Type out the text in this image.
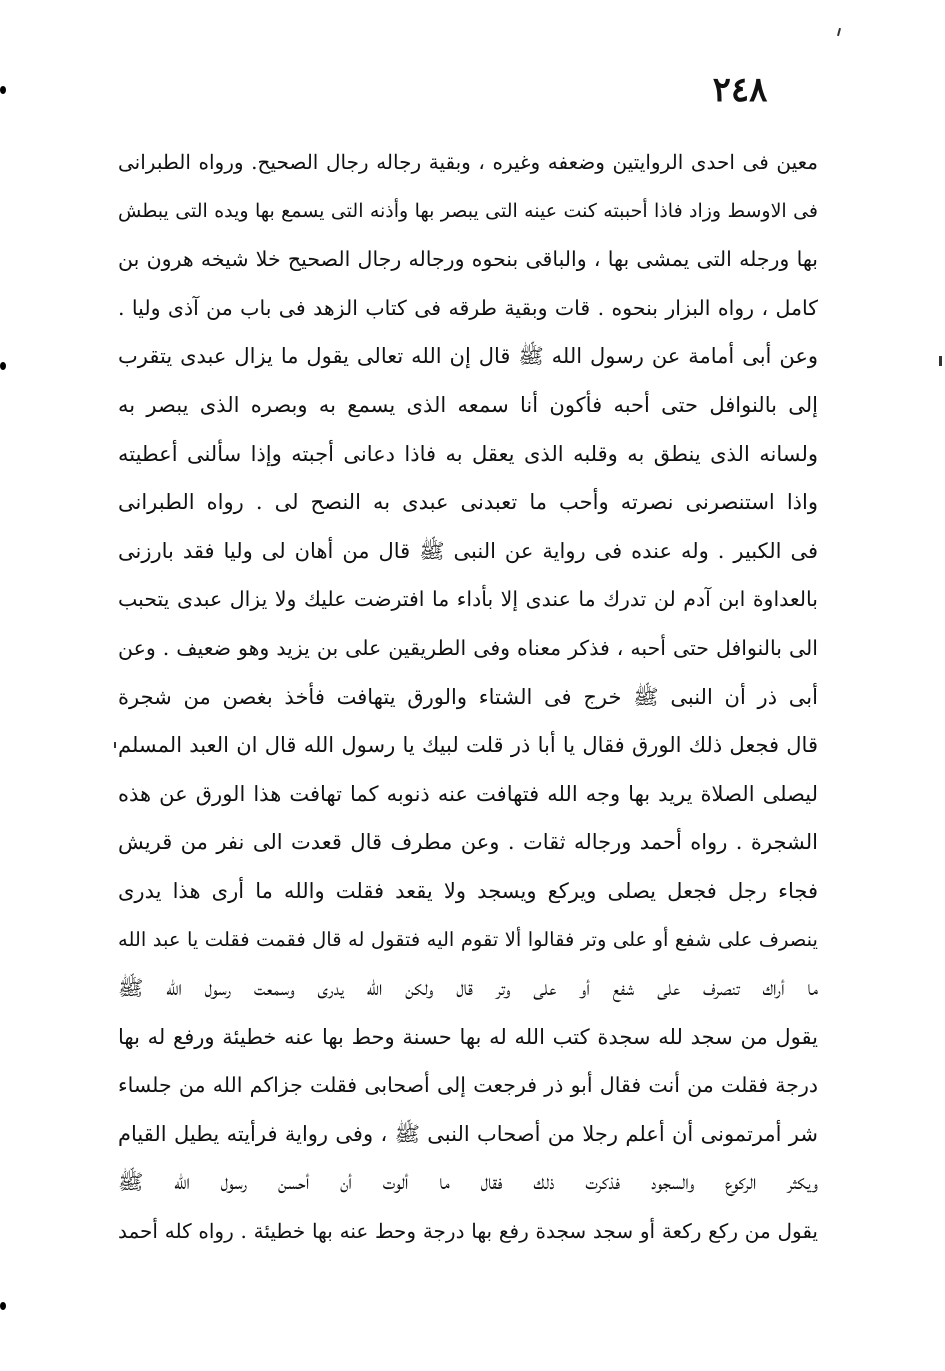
٢٤٨
معين فى احدى الروايتين وضعفه وغيره ، وبقية رجاله رجال الصحيح. ورواه الطبرانى
فى الاوسط وزاد فاذا أحببته كنت عينه التى يبصر بها وأذنه التى يسمع بها ويده التى يبطش
بها ورجله التى يمشى بها ، والباقى بنحوه ورجاله رجال الصحيح خلا شيخه هرون بن
كامل ، رواه البزار بنحوه . قات وبقية طرقه فى كتاب الزهد فى باب من آذى وليا .
وعن أبى أمامة عن رسول الله ﷺ قال إن الله تعالى يقول ما يزال عبدى يتقرب
إلى بالنوافل حتى أحبه فأكون أنا سمعه الذى يسمع به وبصره الذى يبصر به
ولسانه الذى ينطق به وقلبه الذى يعقل به فاذا دعانى أجبته وإذا سألنى أعطيته
واذا استنصرنى نصرته وأحب ما تعبدنى عبدى به النصح لى . رواه الطبرانى
فى الكبير . وله عنده فى رواية عن النبى ﷺ قال من أهان لى وليا فقد بارزنى
بالعداوة ابن آدم لن تدرك ما عندى إلا بأداء ما افترضت عليك ولا يزال عبدى يتحبب
الى بالنوافل حتى أحبه ، فذكر معناه وفى الطريقين على بن يزيد وهو ضعيف . وعن
أبى ذر أن النبى ﷺ خرج فى الشتاء والورق يتهافت فأخذ بغصن من شجرة
قال فجعل ذلك الورق فقال يا أبا ذر قلت لبيك يا رسول الله قال ان العبد المسلم
ليصلى الصلاة يريد بها وجه الله فتهافت عنه ذنوبه كما تهافت هذا الورق عن هذه
الشجرة . رواه أحمد ورجاله ثقات . وعن مطرف قال قعدت الى نفر من قريش
فجاء رجل فجعل يصلى ويركع ويسجد ولا يقعد فقلت والله ما أرى هذا يدرى
ينصرف على شفع أو على وتر فقالوا ألا تقوم اليه فتقول له قال فقمت فقلت يا عبد الله
ما أراك تنصرف على شفع أو على وتر قال ولكن الله يدرى وسمعت رسول الله ﷺ
يقول من سجد لله سجدة كتب الله له بها حسنة وحط بها عنه خطيئة ورفع له بها
درجة فقلت من أنت فقال أبو ذر فرجعت إلى أصحابى فقلت جزاكم الله من جلساء
شر أمرتمونى أن أعلم رجلا من أصحاب النبى ﷺ ، وفى رواية فرأيته يطيل القيام
ويكثر الركوع والسجود فذكرت ذلك فقال ما ألوت أن أحسن رسول الله ﷺ
يقول من ركع ركعة أو سجد سجدة رفع بها درجة وحط عنه بها خطيئة . رواه كله أحمد
